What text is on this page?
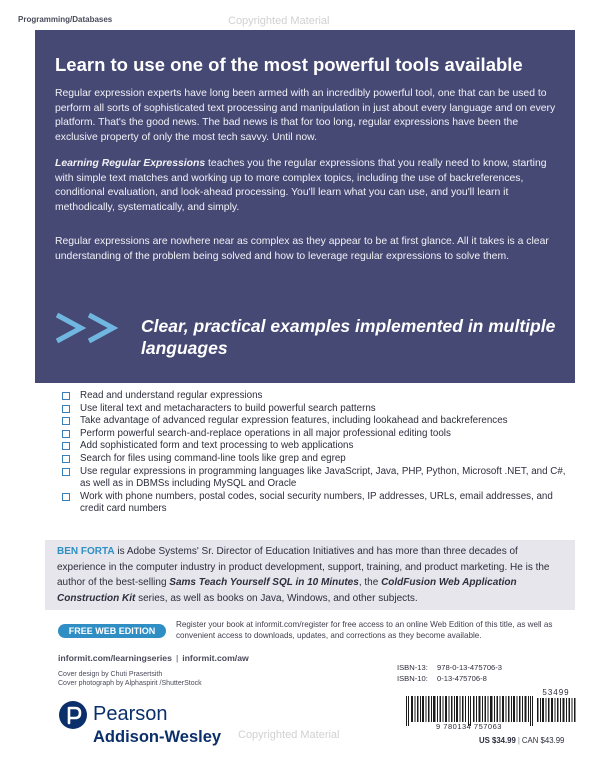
Programming/Databases	Copyrighted Material
Learn to use one of the most powerful tools available

Regular expression experts have long been armed with an incredibly powerful tool, one that can be used to perform all sorts of sophisticated text processing and manipulation in just about every language and on every platform. That's the good news. The bad news is that for too long, regular expressions have been the exclusive property of only the most tech savvy. Until now.

Learning Regular Expressions teaches you the regular expressions that you really need to know, starting with simple text matches and working up to more complex topics, including the use of backreferences, conditional evaluation, and look-ahead processing. You'll learn what you can use, and you'll learn it methodically, systematically, and simply.

Regular expressions are nowhere near as complex as they appear to be at first glance. All it takes is a clear understanding of the problem being solved and how to leverage regular expressions to solve them.

Clear, practical examples implemented in multiple languages
Read and understand regular expressions
Use literal text and metacharacters to build powerful search patterns
Take advantage of advanced regular expression features, including lookahead and backreferences
Perform powerful search-and-replace operations in all major professional editing tools
Add sophisticated form and text processing to web applications
Search for files using command-line tools like grep and egrep
Use regular expressions in programming languages like JavaScript, Java, PHP, Python, Microsoft .NET, and C#, as well as in DBMSs including MySQL and Oracle
Work with phone numbers, postal codes, social security numbers, IP addresses, URLs, email addresses, and credit card numbers

BEN FORTA is Adobe Systems' Sr. Director of Education Initiatives and has more than three decades of experience in the computer industry in product development, support, training, and product marketing. He is the author of the best-selling Sams Teach Yourself SQL in 10 Minutes, the ColdFusion Web Application Construction Kit series, as well as books on Java, Windows, and other subjects.

FREE WEB EDITION

Register your book at informit.com/register for free access to an online Web Edition of this title, as well as convenient access to downloads, updates, and corrections as they become available.

informit.com/learningseries | informit.com/aw
Cover design by Chuti Prasertsith
Cover photograph by Alphaspirit /ShutterStock
Pearson
Addison-Wesley Copyrighted Material
ISBN-13: 978-0-13-475706-3
ISBN-10: 0-13-475706-8
53499
9 780134 757063
US $34.99 | CAN $43.99
